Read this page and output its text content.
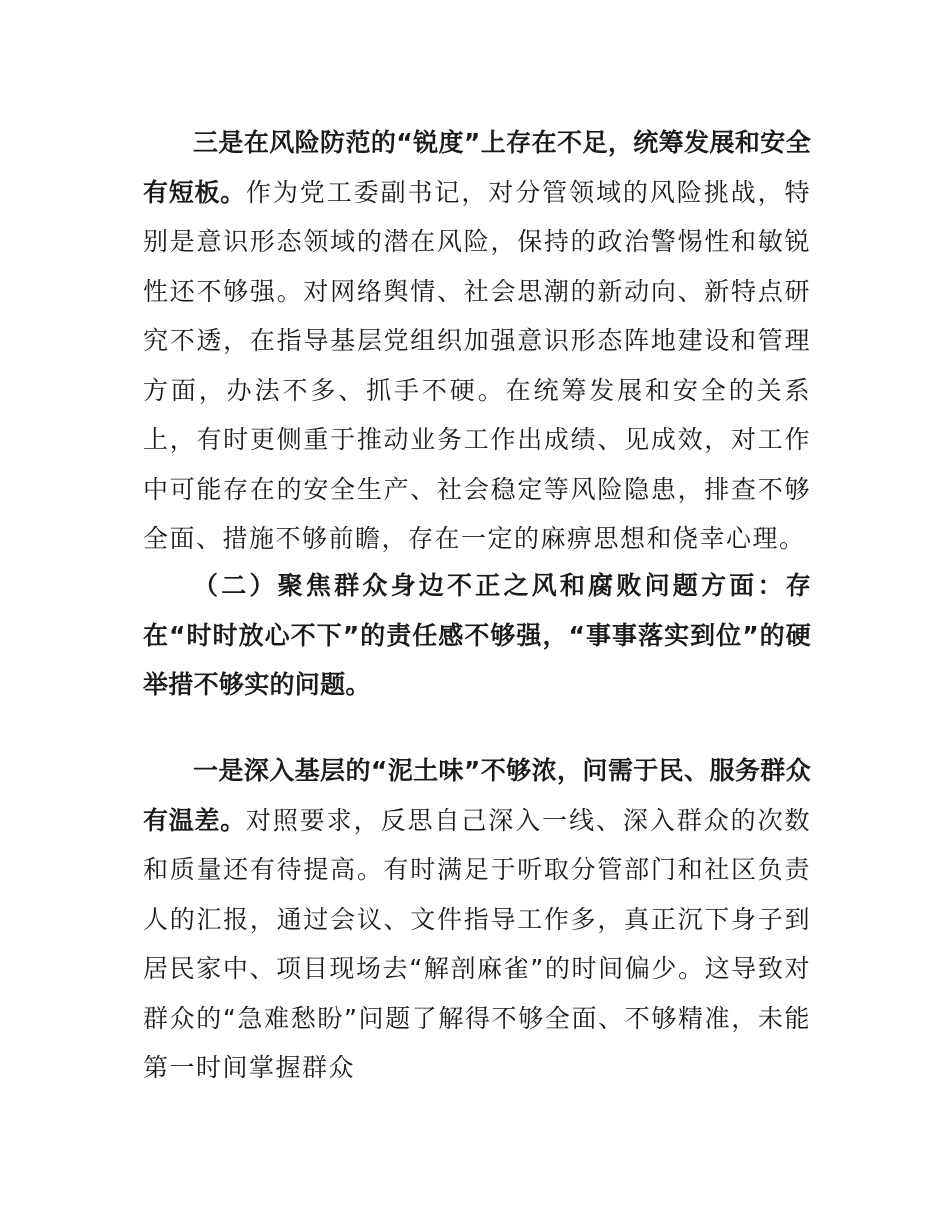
三是在风险防范的“锐度”上存在不足，统筹发展和安全有短板。作为党工委副书记，对分管领域的风险挑战，特别是意识形态领域的潜在风险，保持的政治警惕性和敏锐性还不够强。对网络舆情、社会思潮的新动向、新特点研究不透，在指导基层党组织加强意识形态阵地建设和管理方面，办法不多、抓手不硬。在统筹发展和安全的关系上，有时更侧重于推动业务工作出成绩、见成效，对工作中可能存在的安全生产、社会稳定等风险隐患，排查不够全面、措施不够前瞻，存在一定的麻痹思想和侥幸心理。

（二）聚焦群众身边不正之风和腐败问题方面：存在“时时放心不下”的责任感不够强，“事事落实到位”的硬举措不够实的问题。

一是深入基层的“泥土味”不够浓，问需于民、服务群众有温差。对照要求，反思自己深入一线、深入群众的次数和质量还有待提高。有时满足于听取分管部门和社区负责人的汇报，通过会议、文件指导工作多，真正沉下身子到居民家中、项目现场去“解剖麻雀”的时间偏少。这导致对群众的“急难愁盼”问题了解得不够全面、不够精准，未能第一时间掌握群众
